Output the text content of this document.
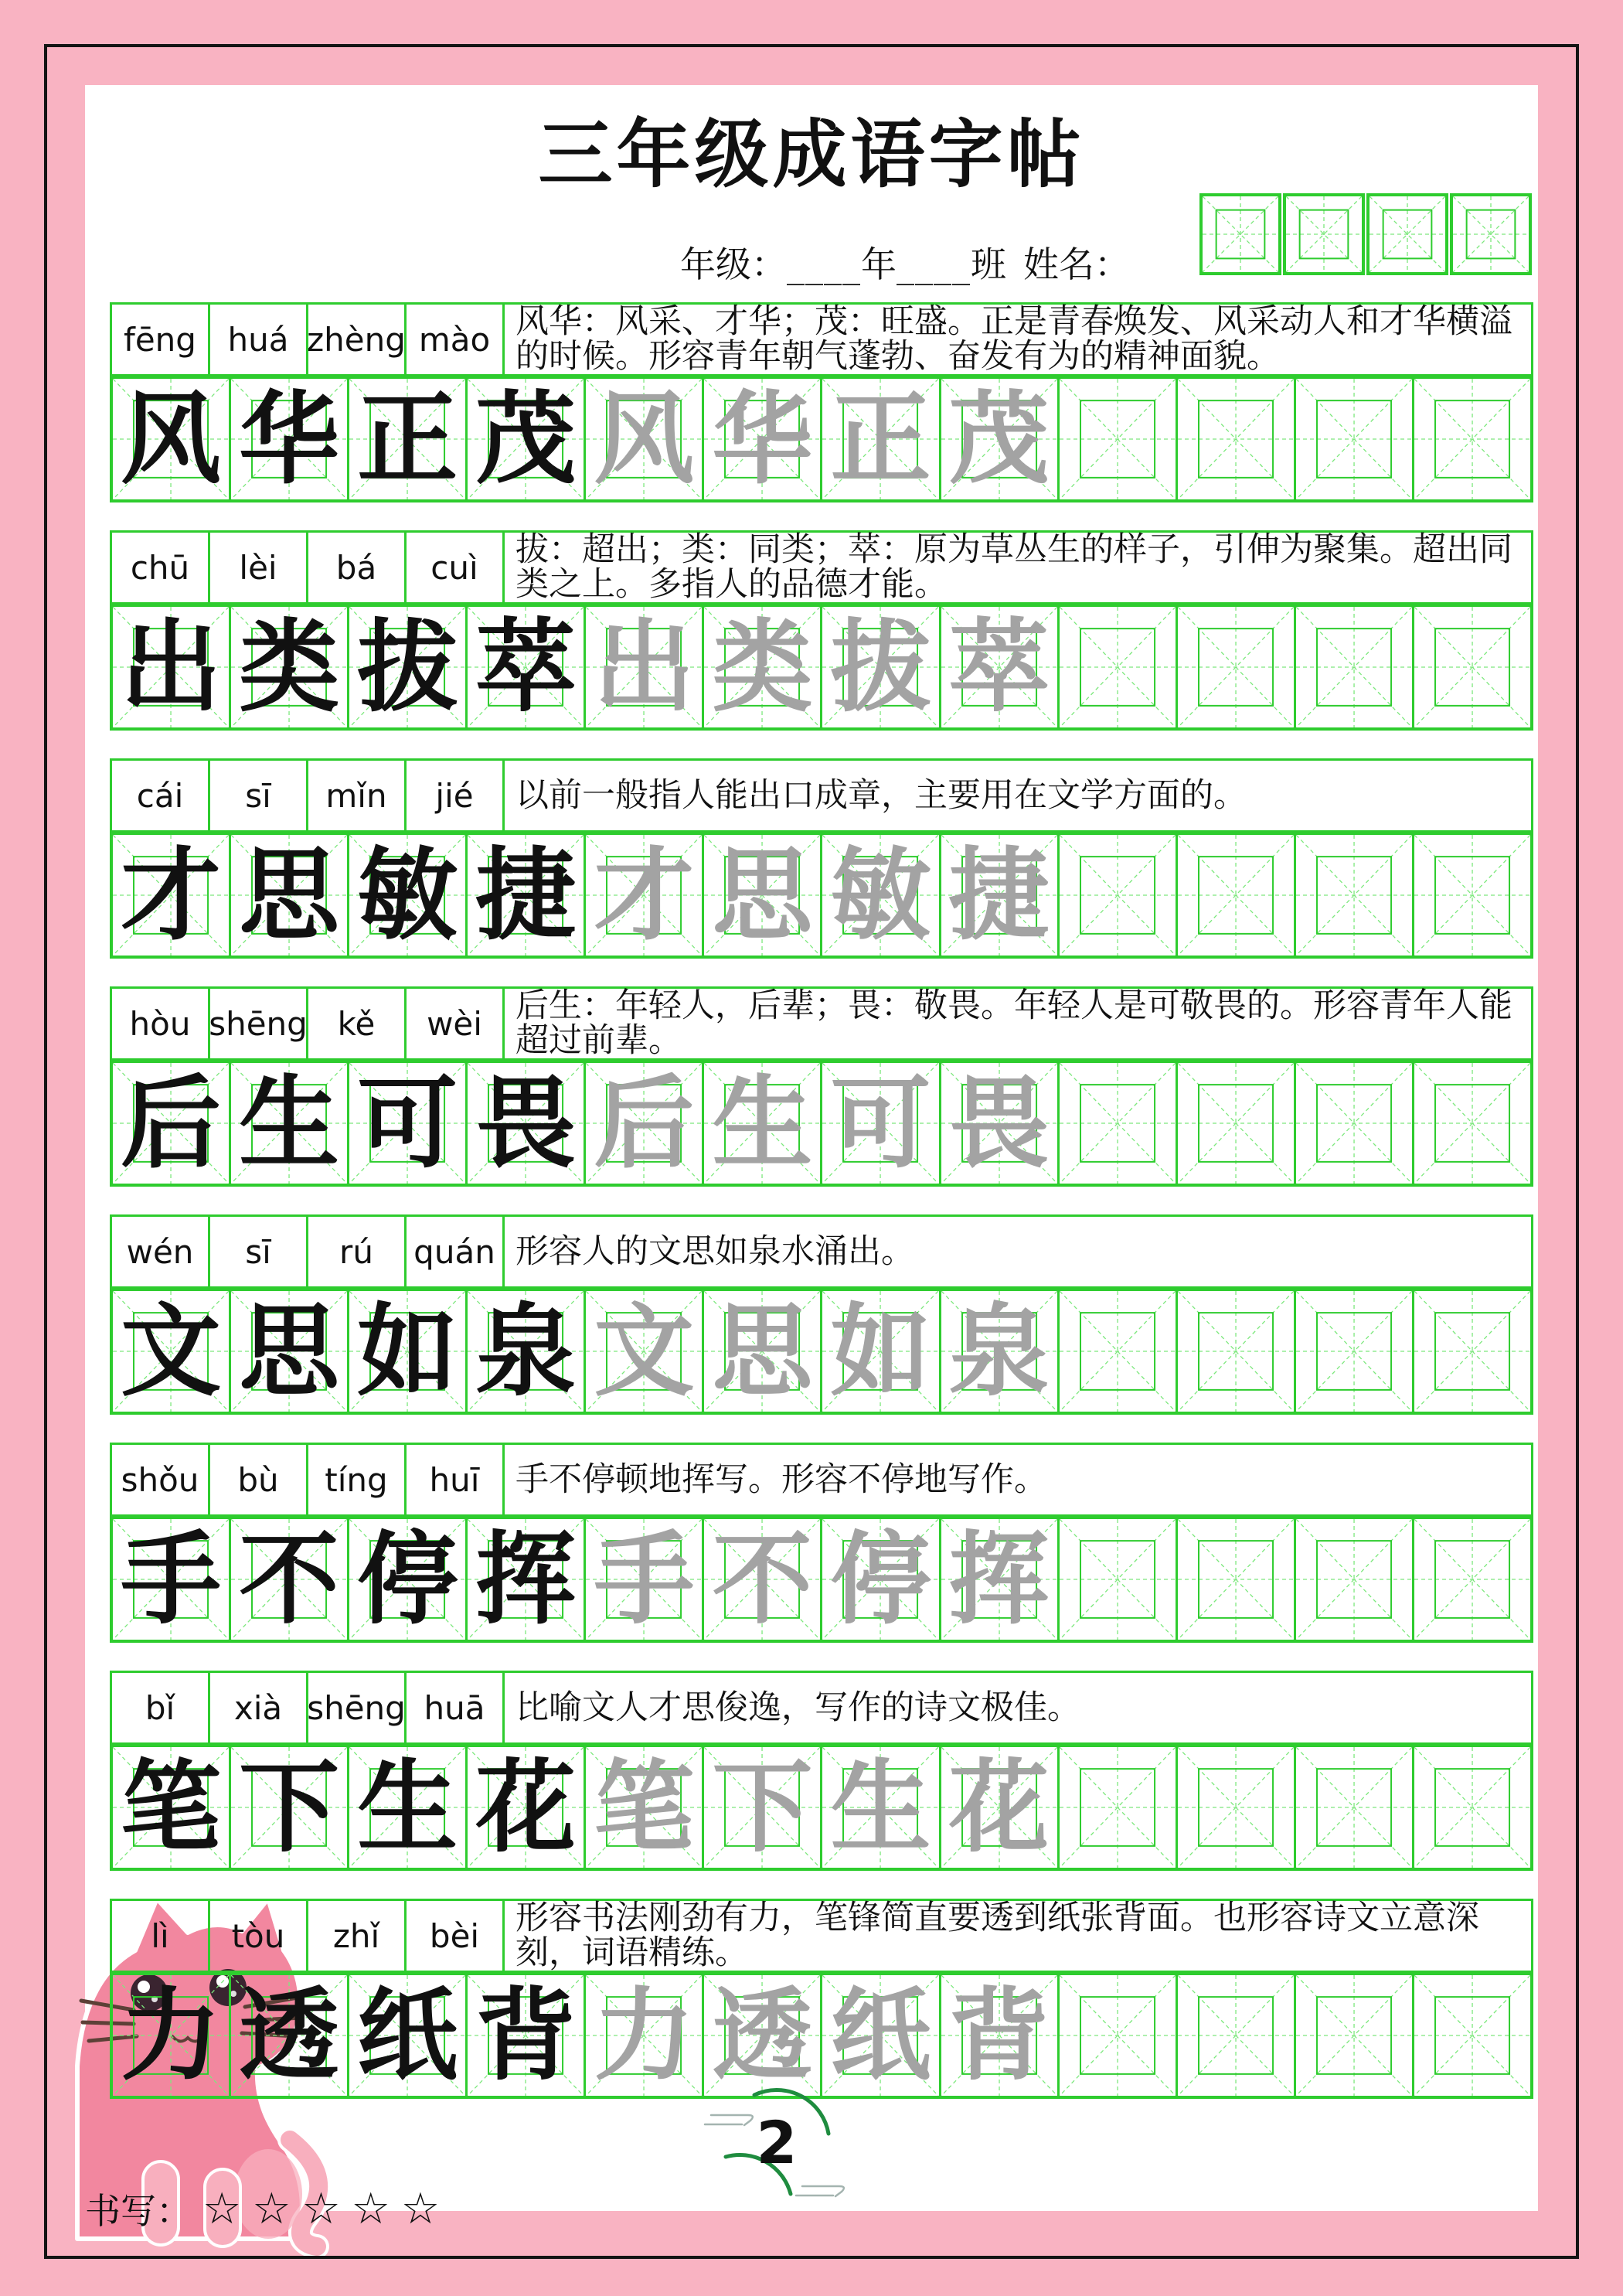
三年级成语字帖
年级：____年____班 姓名：
fēng huá zhèng mào 风华：风采、才华；茂：旺盛。正是青春焕发、风采动人和才华横溢的时候。形容青年朝气蓬勃、奋发有为的精神面貌。
风 华 正 茂 风 华 正 茂
chū	lèi	bá	cuì	拔：超出；类：同类；萃：原为草丛生的样子，引伸为聚集。超出同类之上。多指人的品德才能。
出 类 拔 萃 出 类 拔 萃
cái	sī	mǐn	jié	以前一般指人能出口成章，主要用在文学方面的。
才 思 敏 捷 才 思 敏 捷
hòu shēng kě	wèi	后生：年轻人，后辈；畏：敬畏。年轻人是可敬畏的。形容青年人能超过前辈。
后 生 可 畏 后 生 可 畏
wén	sī	rú	quán 形容人的文思如泉水涌出。
文 思 如 泉 文 思 如 泉
shǒu	bù	tíng	huī	手不停顿地挥写。形容不停地写作。
手 不 停 挥 手 不 停 挥
bǐ	xià shēng huā 比喻文人才思俊逸，写作的诗文极佳。
笔 下 生 花 笔 下 生 花
lì	tòu	zhǐ	bèi	形容书法刚劲有力，笔锋简直要透到纸张背面。也形容诗文立意深刻，词语精练。
力 透 纸 背 力 透 纸 背
书写： ☆☆☆☆☆
2
